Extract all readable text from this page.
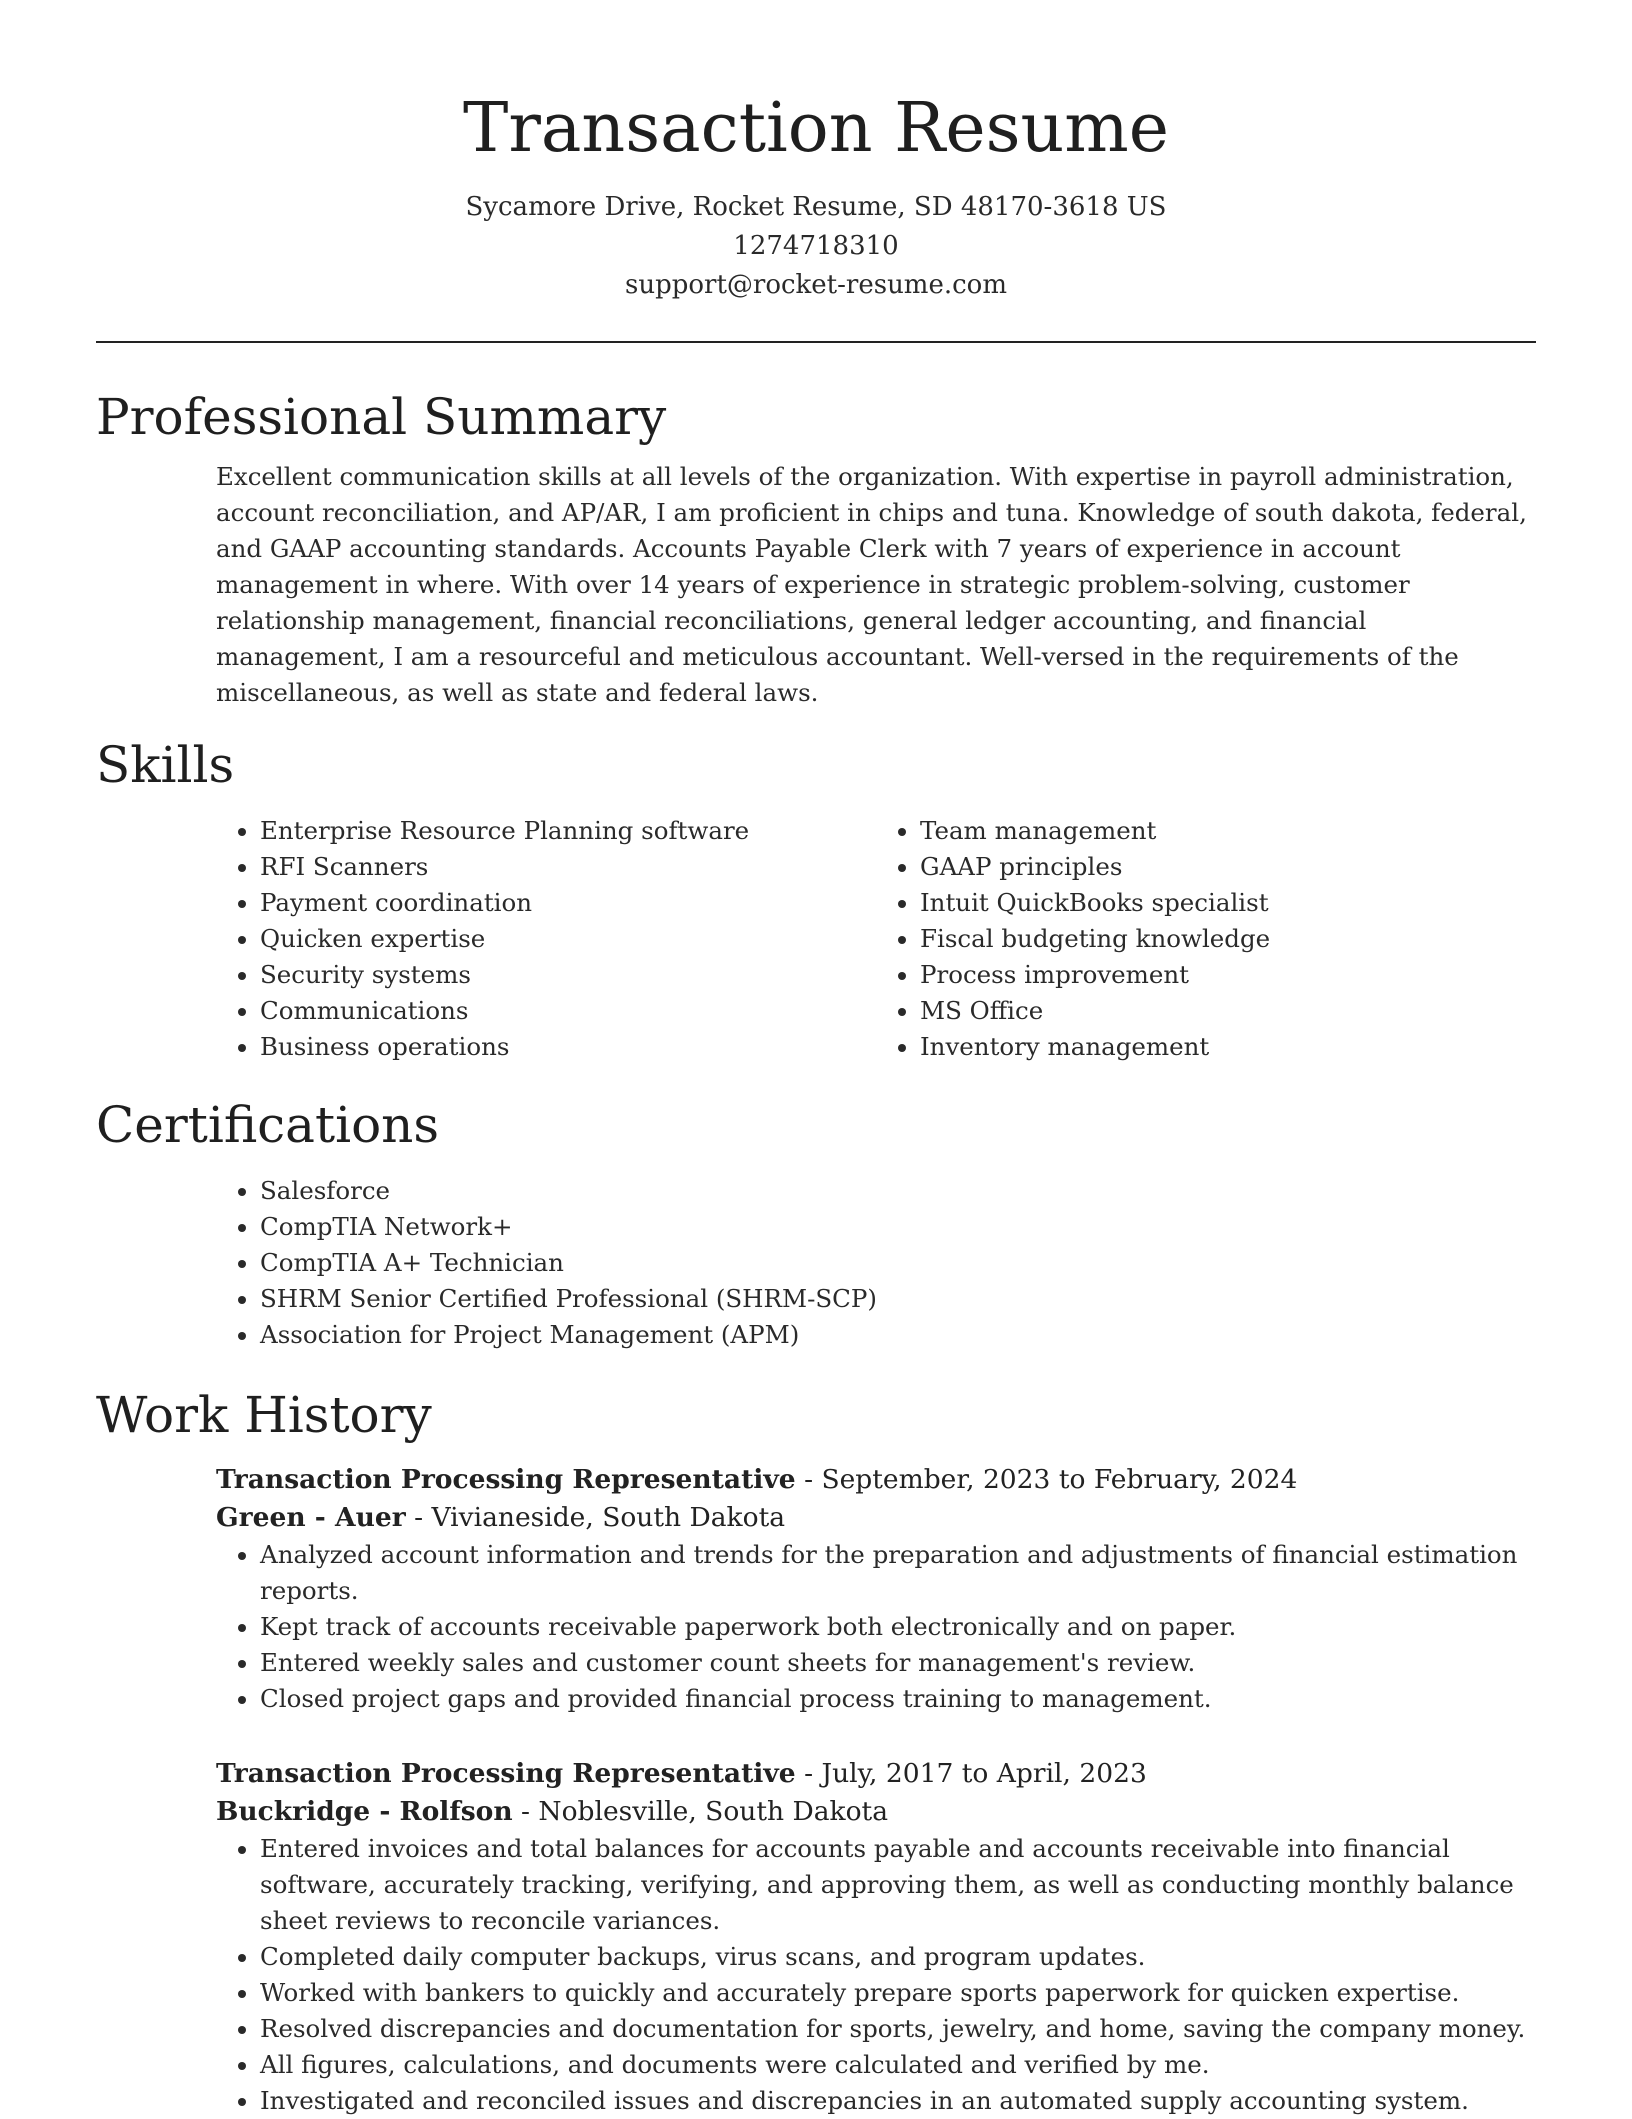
Transaction Resume
Sycamore Drive, Rocket Resume, SD 48170-3618 US
1274718310
support@rocket-resume.com
Professional Summary

Excellent communication skills at all levels of the organization. With expertise in payroll administration, account reconciliation, and AP/AR, I am proficient in chips and tuna. Knowledge of south dakota, federal, and GAAP accounting standards. Accounts Payable Clerk with 7 years of experience in account management in where. With over 14 years of experience in strategic problem-solving, customer relationship management, financial reconciliations, general ledger accounting, and financial management, I am a resourceful and meticulous accountant. Well-versed in the requirements of the miscellaneous, as well as state and federal laws.

Skills
• Enterprise Resource Planning software
• RFI Scanners
• Payment coordination
• Quicken expertise
• Security systems
• Communications
• Business operations
• Team management
• GAAP principles
• Intuit QuickBooks specialist
• Fiscal budgeting knowledge
• Process improvement
• MS Office
• Inventory management
Certifications
• Salesforce
• CompTIA Network+
• CompTIA A+ Technician
• SHRM Senior Certified Professional (SHRM-SCP)
• Association for Project Management (APM)
Work History
Transaction Processing Representative - September, 2023 to February, 2024
Green - Auer - Vivianeside, South Dakota
• Analyzed account information and trends for the preparation and adjustments of financial estimation reports.
• Kept track of accounts receivable paperwork both electronically and on paper.
• Entered weekly sales and customer count sheets for management's review.
• Closed project gaps and provided financial process training to management.
Transaction Processing Representative - July, 2017 to April, 2023
Buckridge - Rolfson - Noblesville, South Dakota
• Entered invoices and total balances for accounts payable and accounts receivable into financial software, accurately tracking, verifying, and approving them, as well as conducting monthly balance sheet reviews to reconcile variances.
• Completed daily computer backups, virus scans, and program updates.
• Worked with bankers to quickly and accurately prepare sports paperwork for quicken expertise.
• Resolved discrepancies and documentation for sports, jewelry, and home, saving the company money.
• All figures, calculations, and documents were calculated and verified by me.
• Investigated and reconciled issues and discrepancies in an automated supply accounting system.
